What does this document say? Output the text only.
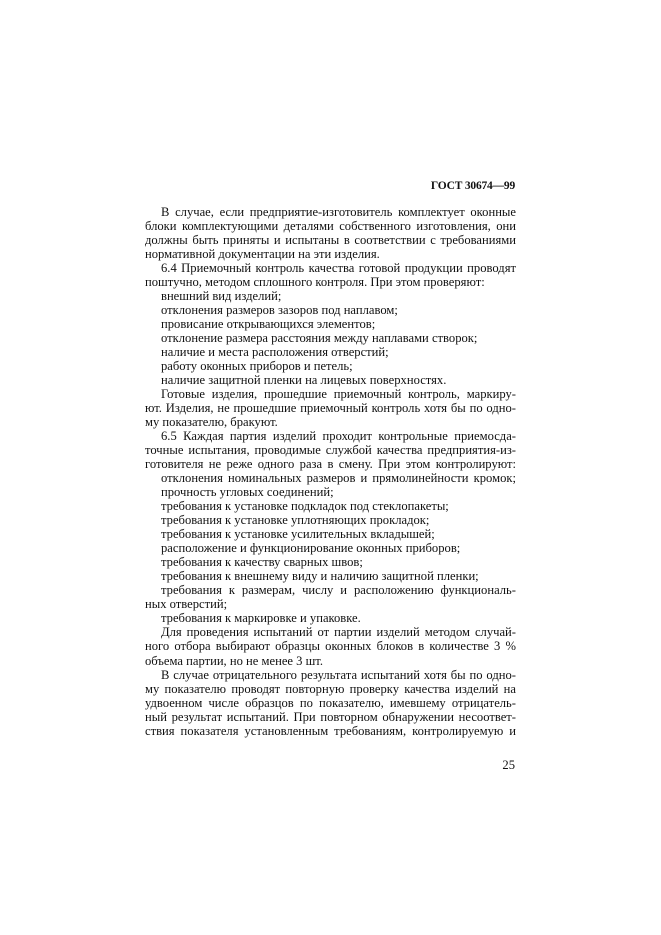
ГОСТ 30674—99
В случае, если предприятие-изготовитель комплектует оконные
блоки комплектующими деталями собственного изготовления, они
должны быть приняты и испытаны в соответствии с требованиями
нормативной документации на эти изделия.
6.4 Приемочный контроль качества готовой продукции проводят
поштучно, методом сплошного контроля. При этом проверяют:
внешний вид изделий;
отклонения размеров зазоров под наплавом;
провисание открывающихся элементов;
отклонение размера расстояния между наплавами створок;
наличие и места расположения отверстий;
работу оконных приборов и петель;
наличие защитной пленки на лицевых поверхностях.
Готовые изделия, прошедшие приемочный контроль, маркиру-
ют. Изделия, не прошедшие приемочный контроль хотя бы по одно-
му показателю, бракуют.
6.5 Каждая партия изделий проходит контрольные приемосда-
точные испытания, проводимые службой качества предприятия-из-
готовителя не реже одного раза в смену. При этом контролируют:
отклонения номинальных размеров и прямолинейности кромок;
прочность угловых соединений;
требования к установке подкладок под стеклопакеты;
требования к установке уплотняющих прокладок;
требования к установке усилительных вкладышей;
расположение и функционирование оконных приборов;
требования к качеству сварных швов;
требования к внешнему виду и наличию защитной пленки;
требования к размерам, числу и расположению функциональ-
ных отверстий;
требования к маркировке и упаковке.
Для проведения испытаний от партии изделий методом случай-
ного отбора выбирают образцы оконных блоков в количестве 3 %
объема партии, но не менее 3 шт.
В случае отрицательного результата испытаний хотя бы по одно-
му показателю проводят повторную проверку качества изделий на
удвоенном числе образцов по показателю, имевшему отрицатель-
ный результат испытаний. При повторном обнаружении несоответ-
ствия показателя установленным требованиям, контролируемую и
25
